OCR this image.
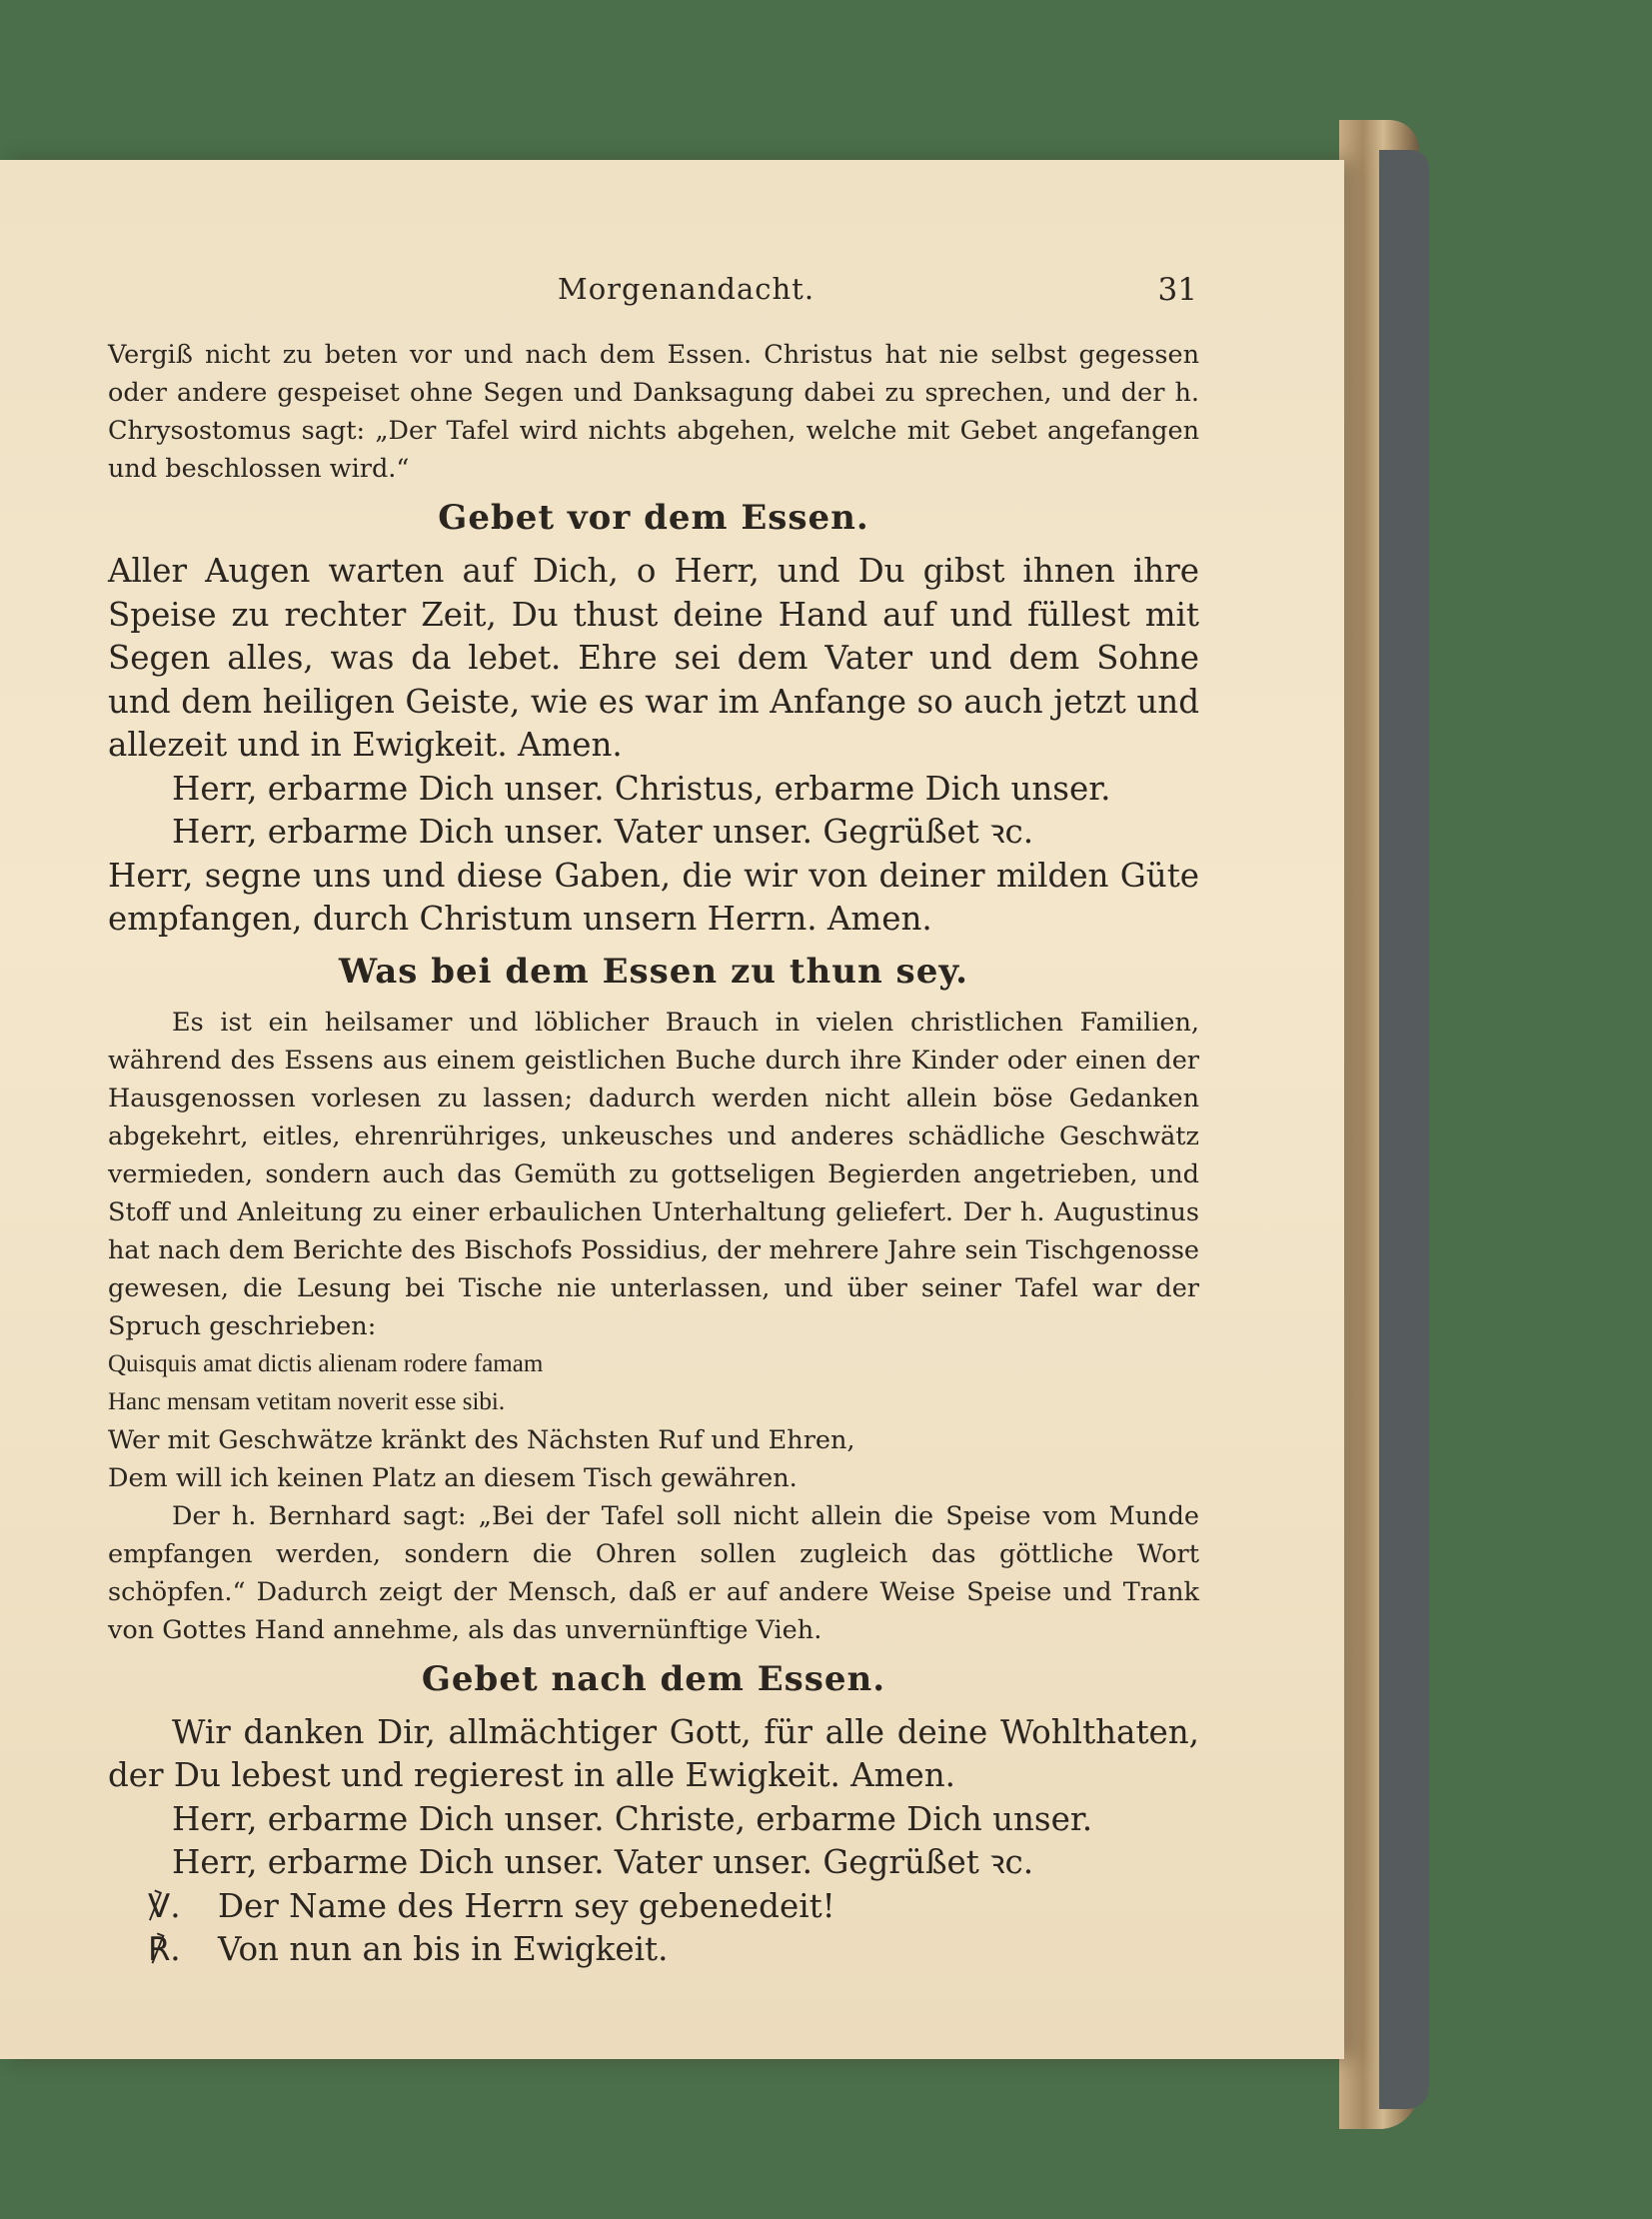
Morgenandacht.	31

Vergiß nicht zu beten vor und nach dem Essen. Christus hat nie selbst gegessen oder andere gespeiset ohne Segen und Danksagung dabei zu sprechen, und der h. Chrysostomus sagt: „Der Tafel wird nichts abgehen, welche mit Gebet angefangen und beschlossen wird.“

Gebet vor dem Essen.

Aller Augen warten auf Dich, o Herr, und Du gibst ihnen ihre Speise zu rechter Zeit, Du thust deine Hand auf und füllest mit Segen alles, was da lebet. Ehre sei dem Vater und dem Sohne und dem heiligen Geiste, wie es war im Anfange so auch jetzt und allezeit und in Ewigkeit. Amen.

Herr, erbarme Dich unser. Christus, erbarme Dich unser.

Herr, erbarme Dich unser. Vater unser. Gegrüßet ꝛc.

Herr, segne uns und diese Gaben, die wir von deiner milden Güte empfangen, durch Christum unsern Herrn. Amen.

Was bei dem Essen zu thun sey.

Es ist ein heilsamer und löblicher Brauch in vielen christlichen Familien, während des Essens aus einem geistlichen Buche durch ihre Kinder oder einen der Hausgenossen vorlesen zu lassen; dadurch werden nicht allein böse Gedanken abgekehrt, eitles, ehrenrühriges, unkeusches und anderes schädliche Geschwätz vermieden, sondern auch das Gemüth zu gottseligen Begierden angetrieben, und Stoff und Anleitung zu einer erbaulichen Unterhaltung geliefert. Der h. Augustinus hat nach dem Berichte des Bischofs Possidius, der mehrere Jahre sein Tischgenosse gewesen, die Lesung bei Tische nie unterlassen, und über seiner Tafel war der Spruch geschrieben:

Quisquis amat dictis alienam rodere famam

Hanc mensam vetitam noverit esse sibi.

Wer mit Geschwätze kränkt des Nächsten Ruf und Ehren,

Dem will ich keinen Platz an diesem Tisch gewähren.

Der h. Bernhard sagt: „Bei der Tafel soll nicht allein die Speise vom Munde empfangen werden, sondern die Ohren sollen zugleich das göttliche Wort schöpfen.“ Dadurch zeigt der Mensch, daß er auf andere Weise Speise und Trank von Gottes Hand annehme, als das unvernünftige Vieh.

Gebet nach dem Essen.

Wir danken Dir, allmächtiger Gott, für alle deine Wohlthaten, der Du lebest und regierest in alle Ewigkeit. Amen.

Herr, erbarme Dich unser. Christe, erbarme Dich unser.

Herr, erbarme Dich unser. Vater unser. Gegrüßet ꝛc.

℣. Der Name des Herrn sey gebenedeit!

℟. Von nun an bis in Ewigkeit.
